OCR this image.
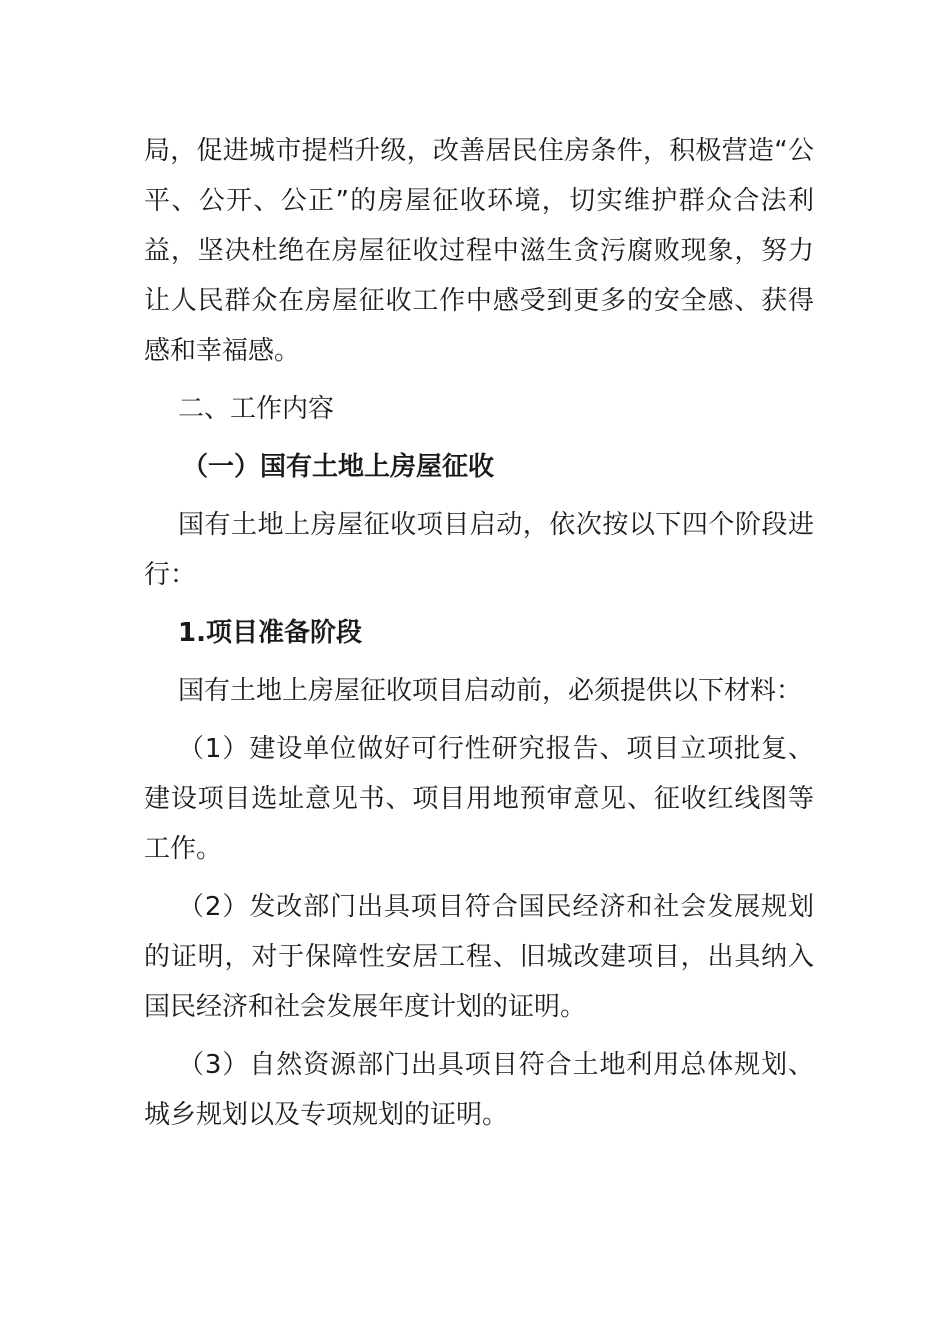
局，促进城市提档升级，改善居民住房条件，积极营造“公平、公开、公正”的房屋征收环境，切实维护群众合法利益，坚决杜绝在房屋征收过程中滋生贪污腐败现象，努力让人民群众在房屋征收工作中感受到更多的安全感、获得感和幸福感。

二、工作内容

（一）国有土地上房屋征收

国有土地上房屋征收项目启动，依次按以下四个阶段进行：

1.项目准备阶段

国有土地上房屋征收项目启动前，必须提供以下材料：

（1）建设单位做好可行性研究报告、项目立项批复、建设项目选址意见书、项目用地预审意见、征收红线图等工作。

（2）发改部门出具项目符合国民经济和社会发展规划的证明，对于保障性安居工程、旧城改建项目，出具纳入国民经济和社会发展年度计划的证明。

（3）自然资源部门出具项目符合土地利用总体规划、城乡规划以及专项规划的证明。
